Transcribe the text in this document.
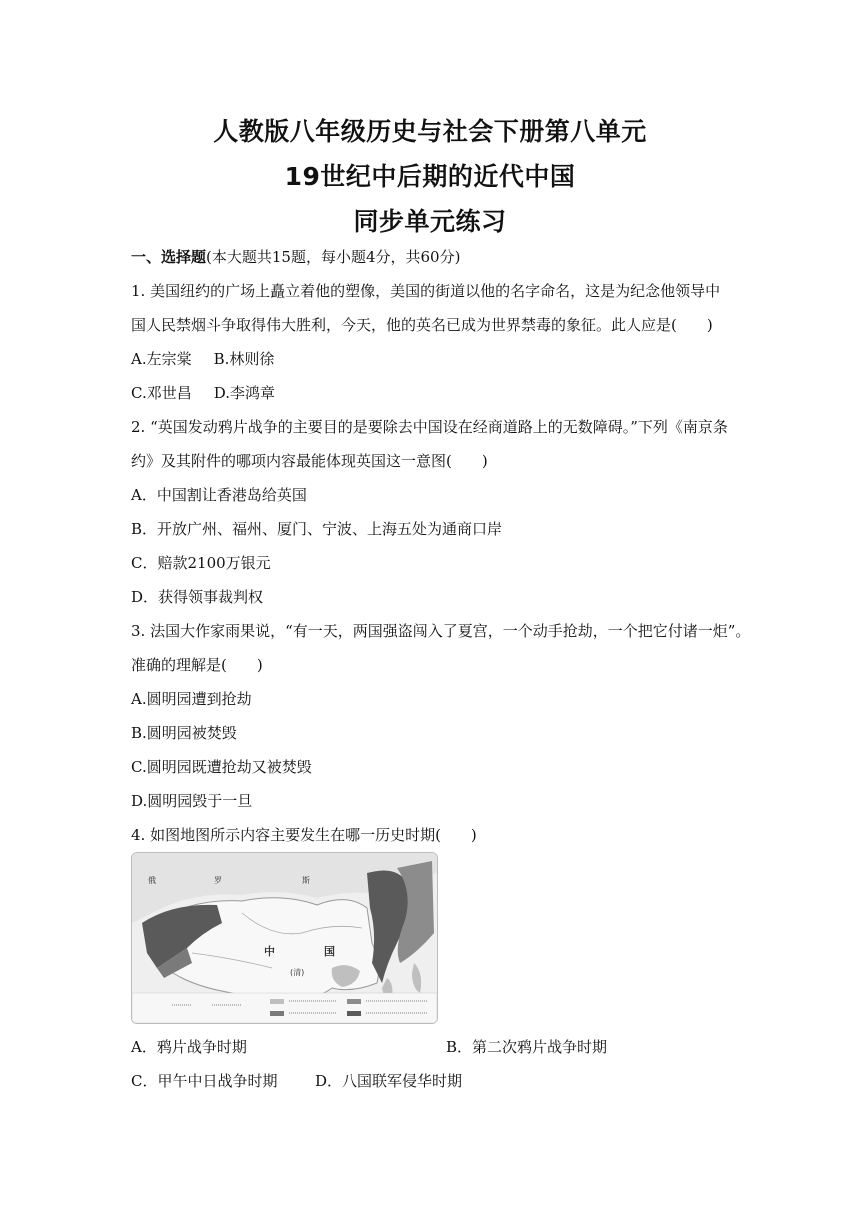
人教版八年级历史与社会下册第八单元
19世纪中后期的近代中国
同步单元练习
一、选择题(本大题共15题，每小题4分，共60分)
1. 美国纽约的广场上矗立着他的塑像，美国的街道以他的名字命名，这是为纪念他领导中
国人民禁烟斗争取得伟大胜利，今天，他的英名已成为世界禁毒的象征。此人应是(　　)
A.左宗棠 B.林则徐
C.邓世昌 D.李鸿章
2. “英国发动鸦片战争的主要目的是要除去中国设在经商道路上的无数障碍。”下列《南京条
约》及其附件的哪项内容最能体现英国这一意图(　　)
A．中国割让香港岛给英国
B．开放广州、福州、厦门、宁波、上海五处为通商口岸
C．赔款2100万银元
D．获得领事裁判权
3. 法国大作家雨果说，“有一天，两国强盗闯入了夏宫，一个动手抢劫，一个把它付诸一炬”。
准确的理解是(　　)
A.圆明园遭到抢劫
B.圆明园被焚毁
C.圆明园既遭抢劫又被焚毁
D.圆明园毁于一旦
4. 如图地图所示内容主要发生在哪一历史时期(　　)
俄	罗	斯
中	国
(清)
A．鸦片战争时期	B．第二次鸦片战争时期
C．甲午中日战争时期	D．八国联军侵华时期
